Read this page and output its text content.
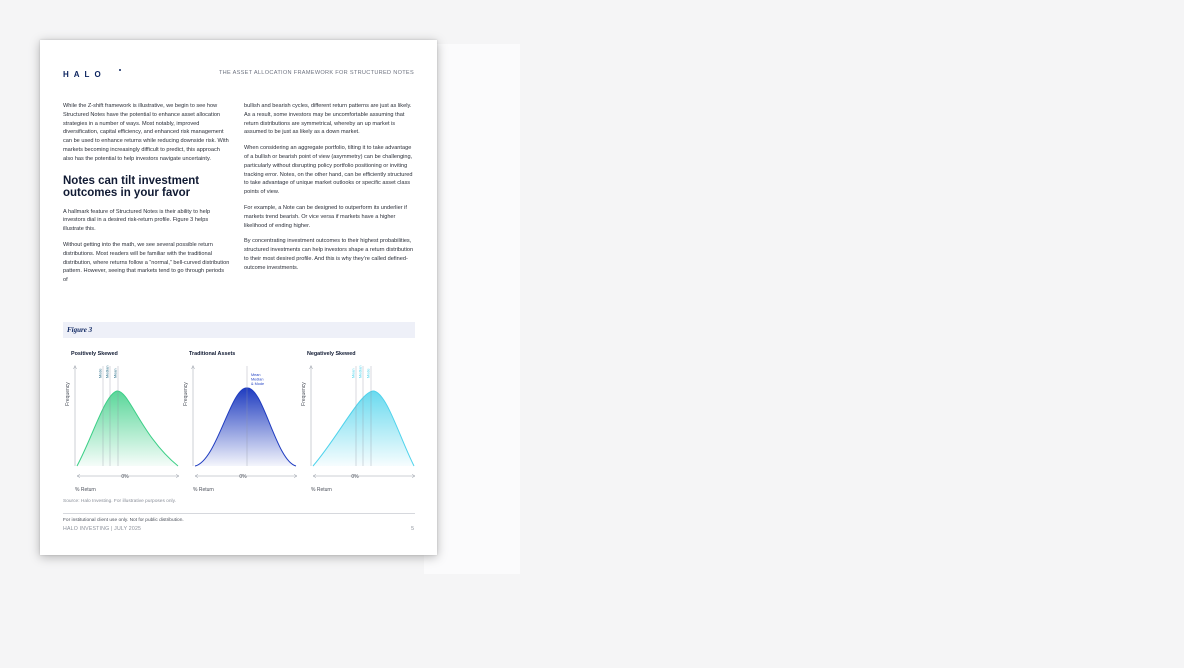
HALO	THE ASSET ALLOCATION FRAMEWORK FOR STRUCTURED NOTES

While the Z-shift framework is illustrative, we begin to see how Structured Notes have the potential to enhance asset allocation strategies in a number of ways. Most notably, improved diversification, capital efficiency, and enhanced risk management can be used to enhance returns while reducing downside risk. With markets becoming increasingly difficult to predict, this approach also has the potential to help investors navigate uncertainty.

Notes can tilt investment outcomes in your favor

A hallmark feature of Structured Notes is their ability to help investors dial in a desired risk-return profile. Figure 3 helps illustrate this.

Without getting into the math, we see several possible return distributions. Most readers will be familiar with the traditional distribution, where returns follow a “normal,” bell-curved distribution pattern. However, seeing that markets tend to go through periods of

bullish and bearish cycles, different return patterns are just as likely. As a result, some investors may be uncomfortable assuming that return distributions are symmetrical, whereby an up market is assumed to be just as likely as a down market.

When considering an aggregate portfolio, tilting it to take advantage of a bullish or bearish point of view (asymmetry) can be challenging, particularly without disrupting policy portfolio positioning or inviting tracking error. Notes, on the other hand, can be efficiently structured to take advantage of unique market outlooks or specific asset class points of view.

For example, a Note can be designed to outperform its underlier if markets trend bearish. Or vice versa if markets have a higher likelihood of ending higher.

By concentrating investment outcomes to their highest probabilities, structured investments can help investors shape a return distribution to their most desired profile. And this is why they’re called defined-outcome investments.

Figure 3
Positively Skewed
Frequency
Mode Median Mean
0%
% Return
Traditional Assets
Frequency
Mean
Median
& Mode
0%
% Return
Negatively Skewed
Frequency
Mean Median Mode
0%
% Return
Source: Halo Investing. For illustrative purposes only.
For institutional client use only. Not for public distribution.
HALO INVESTING | JULY 2025	5
